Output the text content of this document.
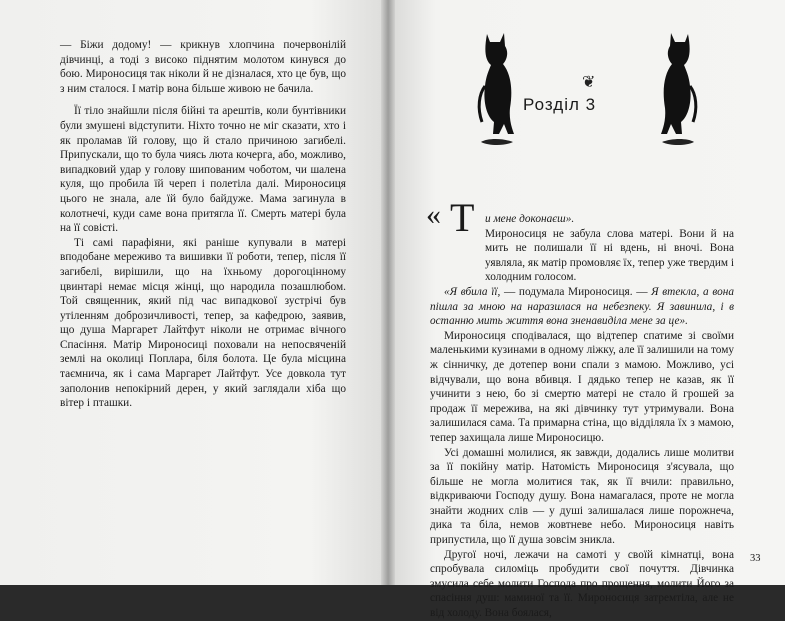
— Біжи додому! — крикнув хлопчина почервонілій дівчинці, а тоді з високо піднятим молотом кинувся до бою. Мироносиця так ніколи й не дізналася, хто це був, що з ним сталося. І матір вона більше живою не бачила.

Її тіло знайшли після бійні та арештів, коли бунтівники були змушені відступити. Ніхто точно не міг сказати, хто і як проламав їй голову, що й стало причиною загибелі. Припускали, що то була чиясь люта кочерга, або, можливо, випадковий удар у голову шипованим чоботом, чи шалена куля, що пробила їй череп і полетіла далі. Мироносиця цього не знала, але їй було байдуже. Мама загинула в колотнечі, куди саме вона притягла її. Смерть матері була на її совісті.

Ті самі парафіяни, які раніше купували в матері вподобане мереживо та вишивки її роботи, тепер, після її загибелі, вирішили, що на їхньому дорогоцінному цвинтарі немає місця жінці, що народила позашлюбом. Той священник, який під час випадкової зустрічі був утіленням доброзичливості, тепер, за кафедрою, заявив, що душа Маргарет Лайтфут ніколи не отримає вічного Спасіння. Матір Мироносиці поховали на непосвяченій землі на околиці Поплара, біля болота. Це була місцина таємнича, як і сама Маргарет Лайтфут. Усе довкола тут заполонив непокірний дерен, у який заглядали хіба що вітер і пташки.

❦
Розділ 3
« Т и мене доконаєш».

Мироносиця не забула слова матері. Вони й на мить не полишали її ні вдень, ні вночі. Вона уявляла, як матір промовляє їх, тепер уже твердим і холодним голосом.

«Я вбила її, — подумала Мироносиця. — Я втекла, а вона пішла за мною на наразилася на небезпеку. Я завинила, і в останню мить життя вона зненавиділа мене за це».

Мироносиця сподівалася, що відтепер спатиме зі своїми маленькими кузинами в одному ліжку, але її залишили на тому ж сінничку, де дотепер вони спали з мамою. Можливо, усі відчували, що вона вбивця. І дядько тепер не казав, як її учинити з нею, бо зі смертю матері не стало й грошей за продаж її мережива, на які дівчинку тут утримували. Вона залишилася сама. Та примарна стіна, що відділяла їх з мамою, тепер захищала лише Мироносицю.

Усі домашні молилися, як завжди, додались лише молитви за її покійну матір. Натомість Мироносиця з'ясувала, що більше не могла молитися так, як її вчили: правильно, відкриваючи Господу душу. Вона намагалася, проте не могла знайти жодних слів — у душі залишалася лише порожнеча, дика та біла, немов жовтневе небо. Мироносиця навіть припустила, що її душа зовсім зникла.

Другої ночі, лежачи на самоті у своїй кімнатці, вона спробувала силоміць пробудити свої почуття. Дівчинка змусила себе молити Господа про прощення, молити Його за спасіння душ: маминої та її. Мироносиця затремтіла, але не від холоду. Вона боялася,

33
